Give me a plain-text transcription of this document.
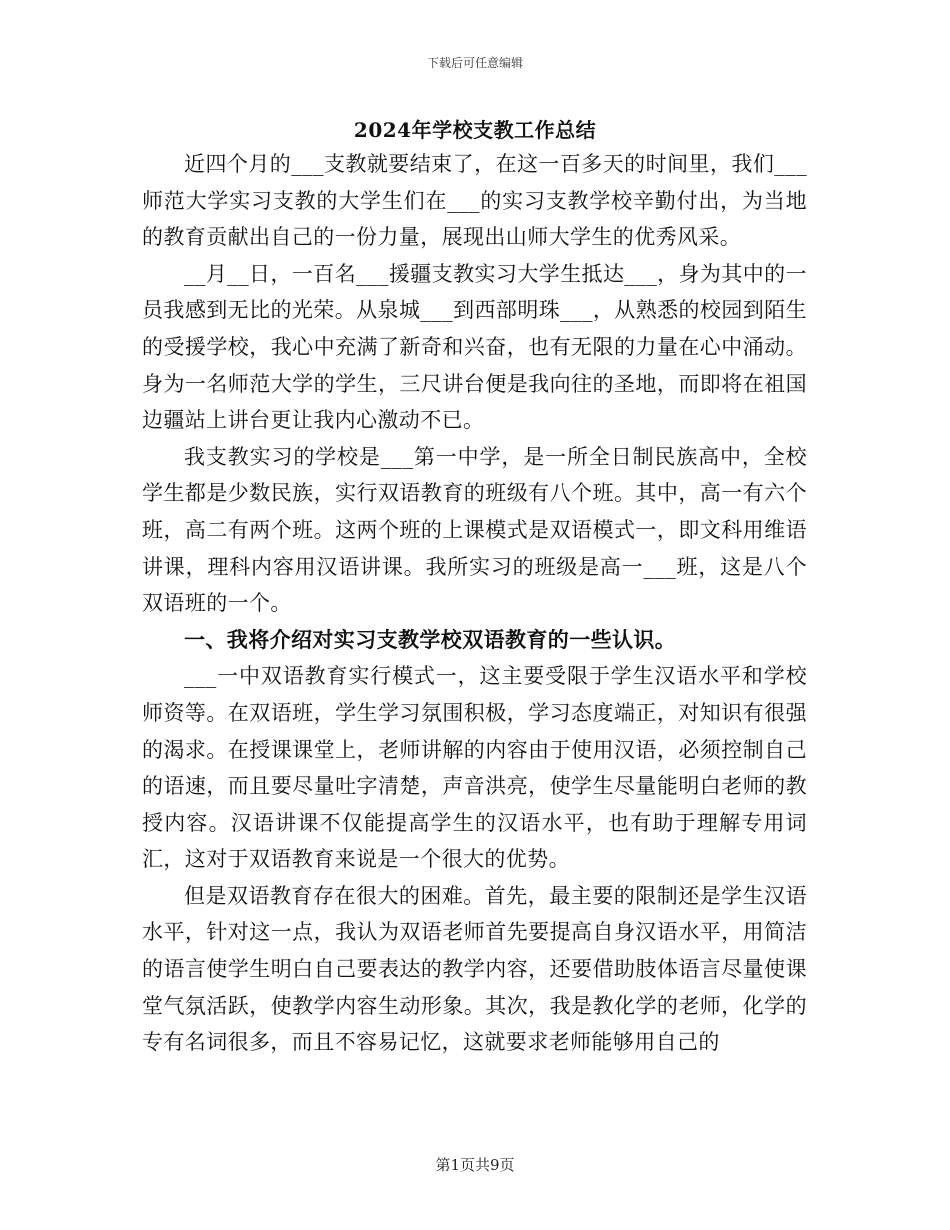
下载后可任意编辑
2024年学校支教工作总结

近四个月的___支教就要结束了，在这一百多天的时间里，我们___师范大学实习支教的大学生们在___的实习支教学校辛勤付出，为当地的教育贡献出自己的一份力量，展现出山师大学生的优秀风采。

__月__日，一百名___援疆支教实习大学生抵达___，身为其中的一员我感到无比的光荣。从泉城___到西部明珠___，从熟悉的校园到陌生的受援学校，我心中充满了新奇和兴奋，也有无限的力量在心中涌动。身为一名师范大学的学生，三尺讲台便是我向往的圣地，而即将在祖国边疆站上讲台更让我内心激动不已。

我支教实习的学校是___第一中学，是一所全日制民族高中，全校学生都是少数民族，实行双语教育的班级有八个班。其中，高一有六个班，高二有两个班。这两个班的上课模式是双语模式一，即文科用维语讲课，理科内容用汉语讲课。我所实习的班级是高一___班，这是八个双语班的一个。

一、我将介绍对实习支教学校双语教育的一些认识。

___一中双语教育实行模式一，这主要受限于学生汉语水平和学校师资等。在双语班，学生学习氛围积极，学习态度端正，对知识有很强的渴求。在授课课堂上，老师讲解的内容由于使用汉语，必须控制自己的语速，而且要尽量吐字清楚，声音洪亮，使学生尽量能明白老师的教授内容。汉语讲课不仅能提高学生的汉语水平，也有助于理解专用词汇，这对于双语教育来说是一个很大的优势。

但是双语教育存在很大的困难。首先，最主要的限制还是学生汉语水平，针对这一点，我认为双语老师首先要提高自身汉语水平，用简洁的语言使学生明白自己要表达的教学内容，还要借助肢体语言尽量使课堂气氛活跃，使教学内容生动形象。其次，我是教化学的老师，化学的专有名词很多，而且不容易记忆，这就要求老师能够用自己的

第1页共9页
